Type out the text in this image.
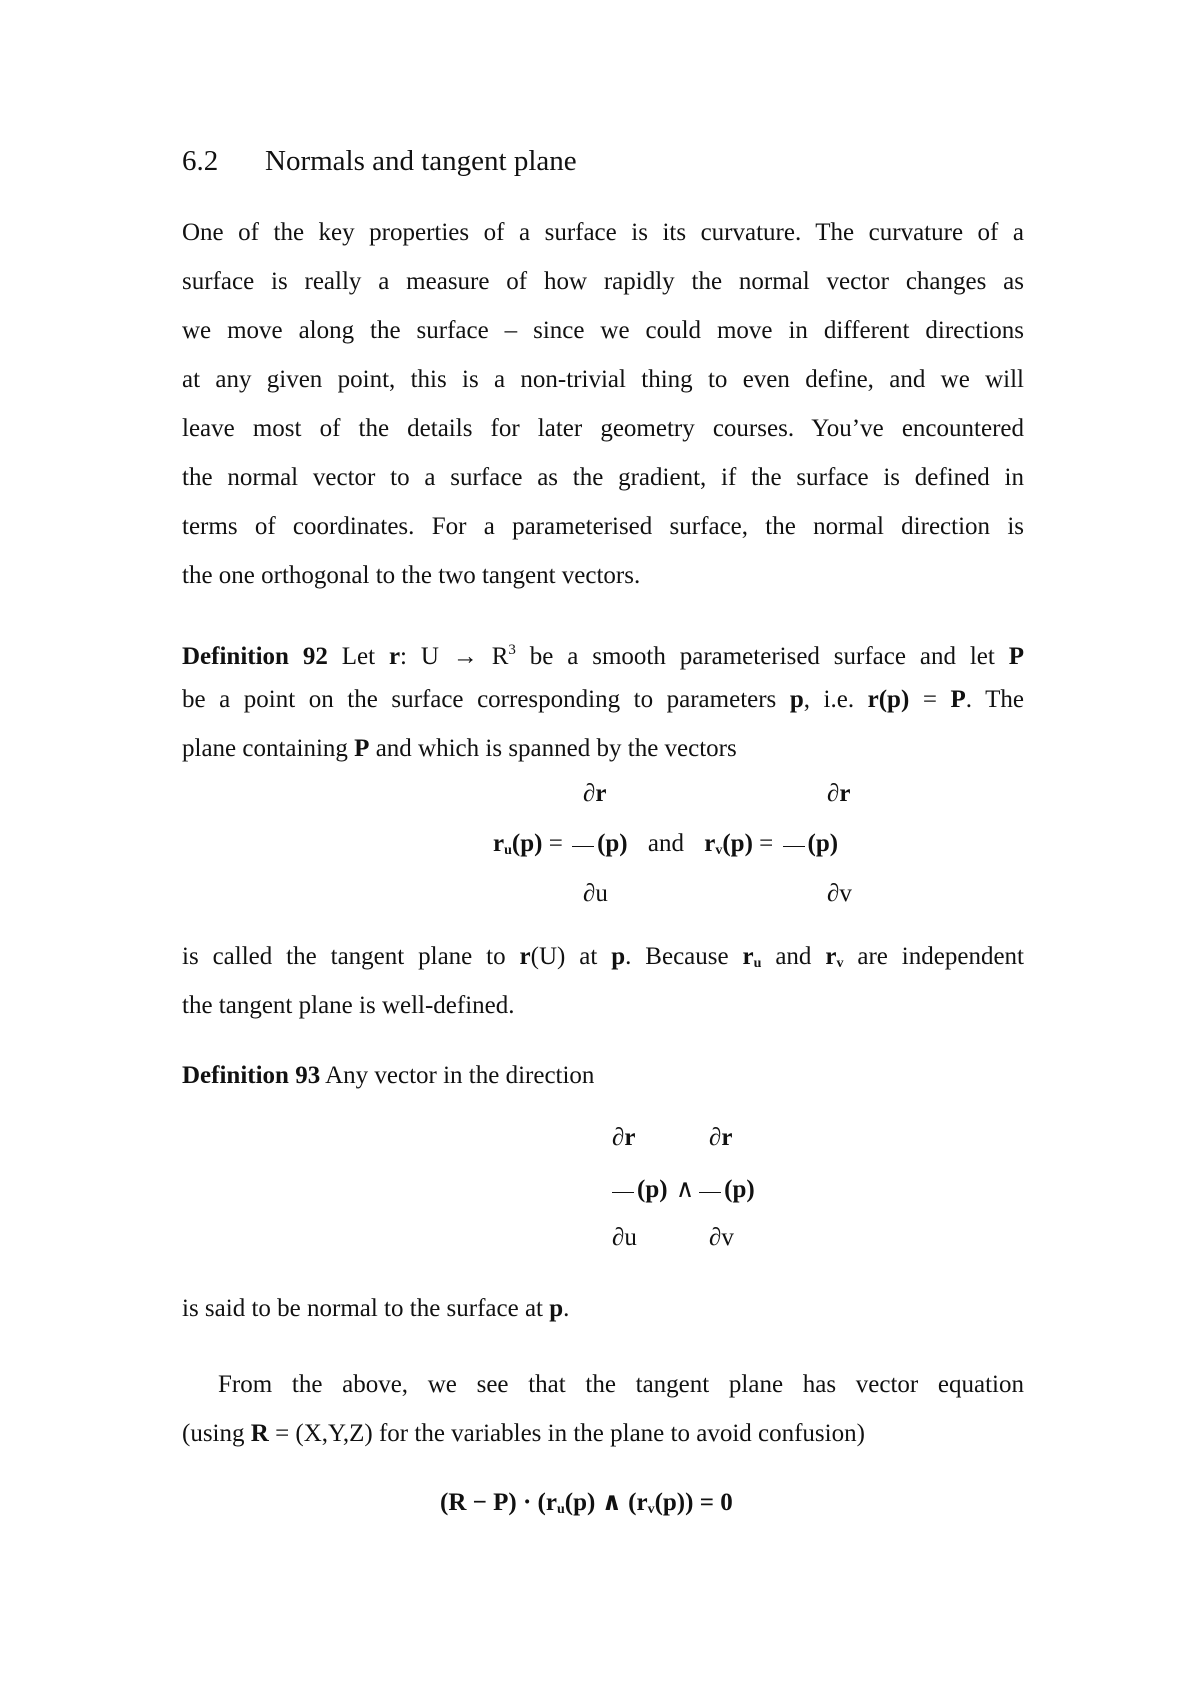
6.2 Normals and tangent plane
One of the key properties of a surface is its curvature. The curvature of a
surface is really a measure of how rapidly the normal vector changes as
we move along the surface – since we could move in different directions
at any given point, this is a non-trivial thing to even define, and we will
leave most of the details for later geometry courses. You’ve encountered
the normal vector to a surface as the gradient, if the surface is defined in
terms of coordinates. For a parameterised surface, the normal direction is
the one orthogonal to the two tangent vectors.
Definition 92 Let r: $U \to R^3$ be a smooth parameterised surface and let P
be a point on the surface corresponding to parameters p, i.e. r(p) = P. The
plane containing P and which is spanned by the vectors
∂r	∂r
$r_u(p) = (p)$ and $r_v(p) = (p)$
∂u	∂v
is called the tangent plane to r(U) at p. Because $r_u$ and $r_v$ are independent
the tangent plane is well-defined.
Definition 93 Any vector in the direction
∂r	∂r
(p) ∧ (p)
∂u	∂v
is said to be normal to the surface at p.
From the above, we see that the tangent plane has vector equation
(using R = (X,Y,Z) for the variables in the plane to avoid confusion)
$(R - P) \cdot (r_u(p)$ ∧ $(r_v(p)) = 0$
